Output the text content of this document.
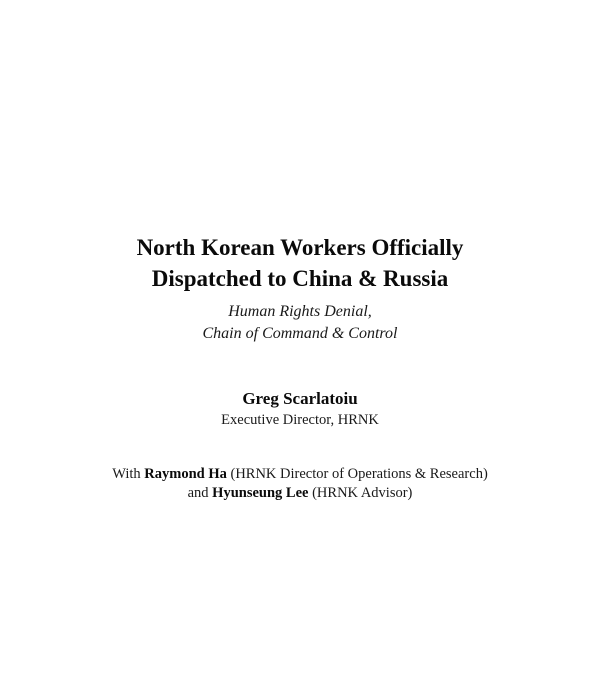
North Korean Workers Officially
Dispatched to China & Russia
Human Rights Denial,
Chain of Command & Control
Greg Scarlatoiu
Executive Director, HRNK
With Raymond Ha (HRNK Director of Operations & Research)
and Hyunseung Lee (HRNK Advisor)
